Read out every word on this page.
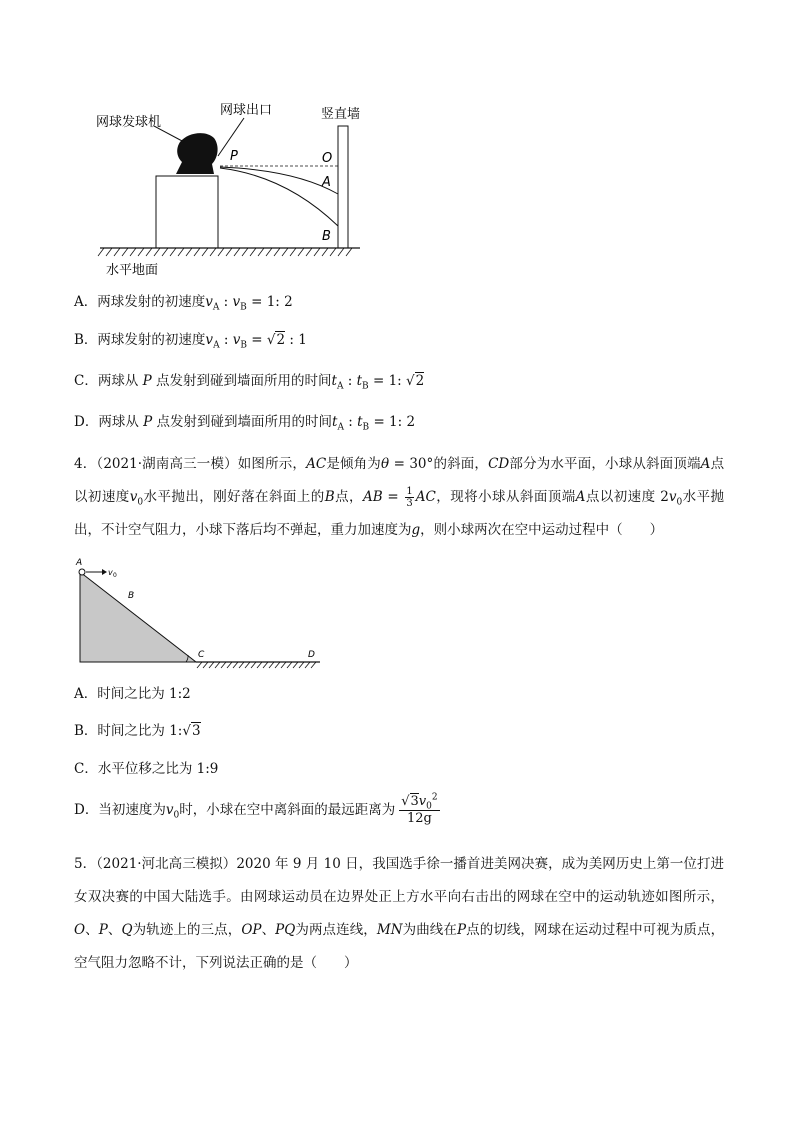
网球发球机
网球出口	竖直墙
水平地面
P	O
A
B
A．两球发射的初速度$v_A$ : $v_B = 1$: 2
B．两球发射的初速度$v_A$ : $v_B = √2$ : 1
C．两球从 P 点发射到碰到墙面所用的时间$t_A$ : $t_B = 1$: √2
D．两球从 P 点发射到碰到墙面所用的时间$t_A$ : $t_B = 1$: 2
4．（2021·湖南高三一模）如图所示，AC是倾角为θ = 30°的斜面，CD部分为水平面，小球从斜面顶端A点以初速度$v_0$水平抛出，刚好落在斜面上的B点，AB = $\frac{1}{3}$ AC，现将小球从斜面顶端A点以初速度 $2v_0$水平抛出，不计空气阻力，小球下落后均不弹起，重力加速度为g，则小球两次在空中运动过程中（　　）
A
v 0
B
C	D
A．时间之比为 1:2
B．时间之比为 1:√3
C．水平位移之比为 1:9
D．当初速度为$v_0$时，小球在空中离斜面的最远距离为 $\frac{√3v_0^2}{12g}$
5．（2021·河北高三模拟）2020 年 9 月 10 日，我国选手徐一播首进美网决赛，成为美网历史上第一位打进女双决赛的中国大陆选手。由网球运动员在边界处正上方水平向右击出的网球在空中的运动轨迹如图所示，O、P、Q为轨迹上的三点，OP、PQ为两点连线，MN为曲线在P点的切线，网球在运动过程中可视为质点，空气阻力忽略不计，下列说法正确的是（　　）
